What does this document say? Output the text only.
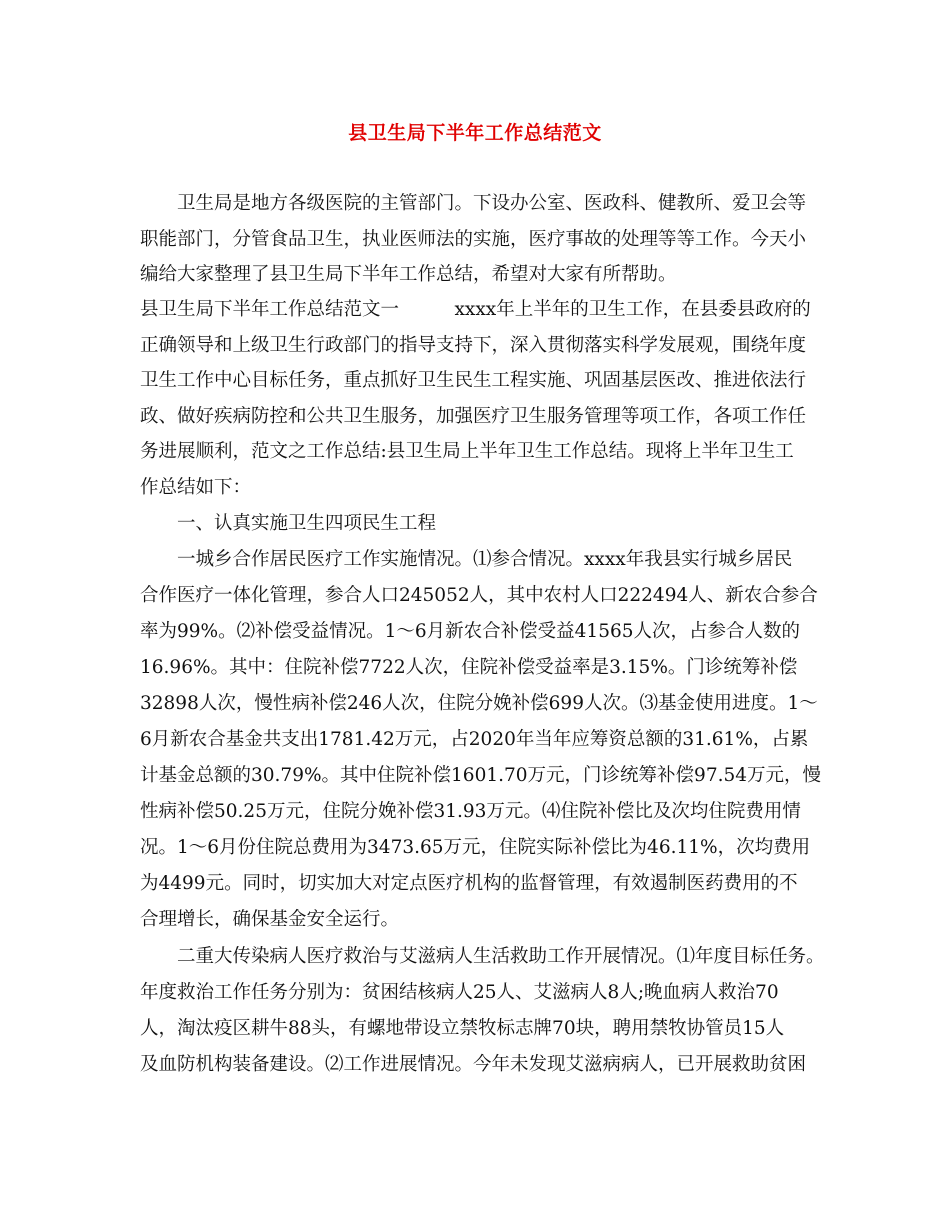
县卫生局下半年工作总结范文
卫生局是地方各级医院的主管部门。下设办公室、医政科、健教所、爱卫会等
职能部门，分管食品卫生，执业医师法的实施，医疗事故的处理等等工作。今天小
编给大家整理了县卫生局下半年工作总结，希望对大家有所帮助。
县卫生局下半年工作总结范文一　　　xxxx年上半年的卫生工作，在县委县政府的
正确领导和上级卫生行政部门的指导支持下，深入贯彻落实科学发展观，围绕年度
卫生工作中心目标任务，重点抓好卫生民生工程实施、巩固基层医改、推进依法行
政、做好疾病防控和公共卫生服务，加强医疗卫生服务管理等项工作，各项工作任
务进展顺利，范文之工作总结:县卫生局上半年卫生工作总结。现将上半年卫生工
作总结如下：
一、认真实施卫生四项民生工程
一城乡合作居民医疗工作实施情况。⑴参合情况。xxxx年我县实行城乡居民
合作医疗一体化管理，参合人口245052人，其中农村人口222494人、新农合参合
率为99%。⑵补偿受益情况。1～6月新农合补偿受益41565人次，占参合人数的
16.96%。其中：住院补偿7722人次，住院补偿受益率是3.15%。门诊统筹补偿
32898人次，慢性病补偿246人次，住院分娩补偿699人次。⑶基金使用进度。1～
6月新农合基金共支出1781.42万元，占2020年当年应筹资总额的31.61%，占累
计基金总额的30.79%。其中住院补偿1601.70万元，门诊统筹补偿97.54万元，慢
性病补偿50.25万元，住院分娩补偿31.93万元。⑷住院补偿比及次均住院费用情
况。1～6月份住院总费用为3473.65万元，住院实际补偿比为46.11%，次均费用
为4499元。同时，切实加大对定点医疗机构的监督管理，有效遏制医药费用的不
合理增长，确保基金安全运行。
二重大传染病人医疗救治与艾滋病人生活救助工作开展情况。⑴年度目标任务。
年度救治工作任务分别为：贫困结核病人25人、艾滋病人8人;晚血病人救治70
人，淘汰疫区耕牛88头，有螺地带设立禁牧标志牌70块，聘用禁牧协管员15人
及血防机构装备建设。⑵工作进展情况。今年未发现艾滋病病人，已开展救助贫困
